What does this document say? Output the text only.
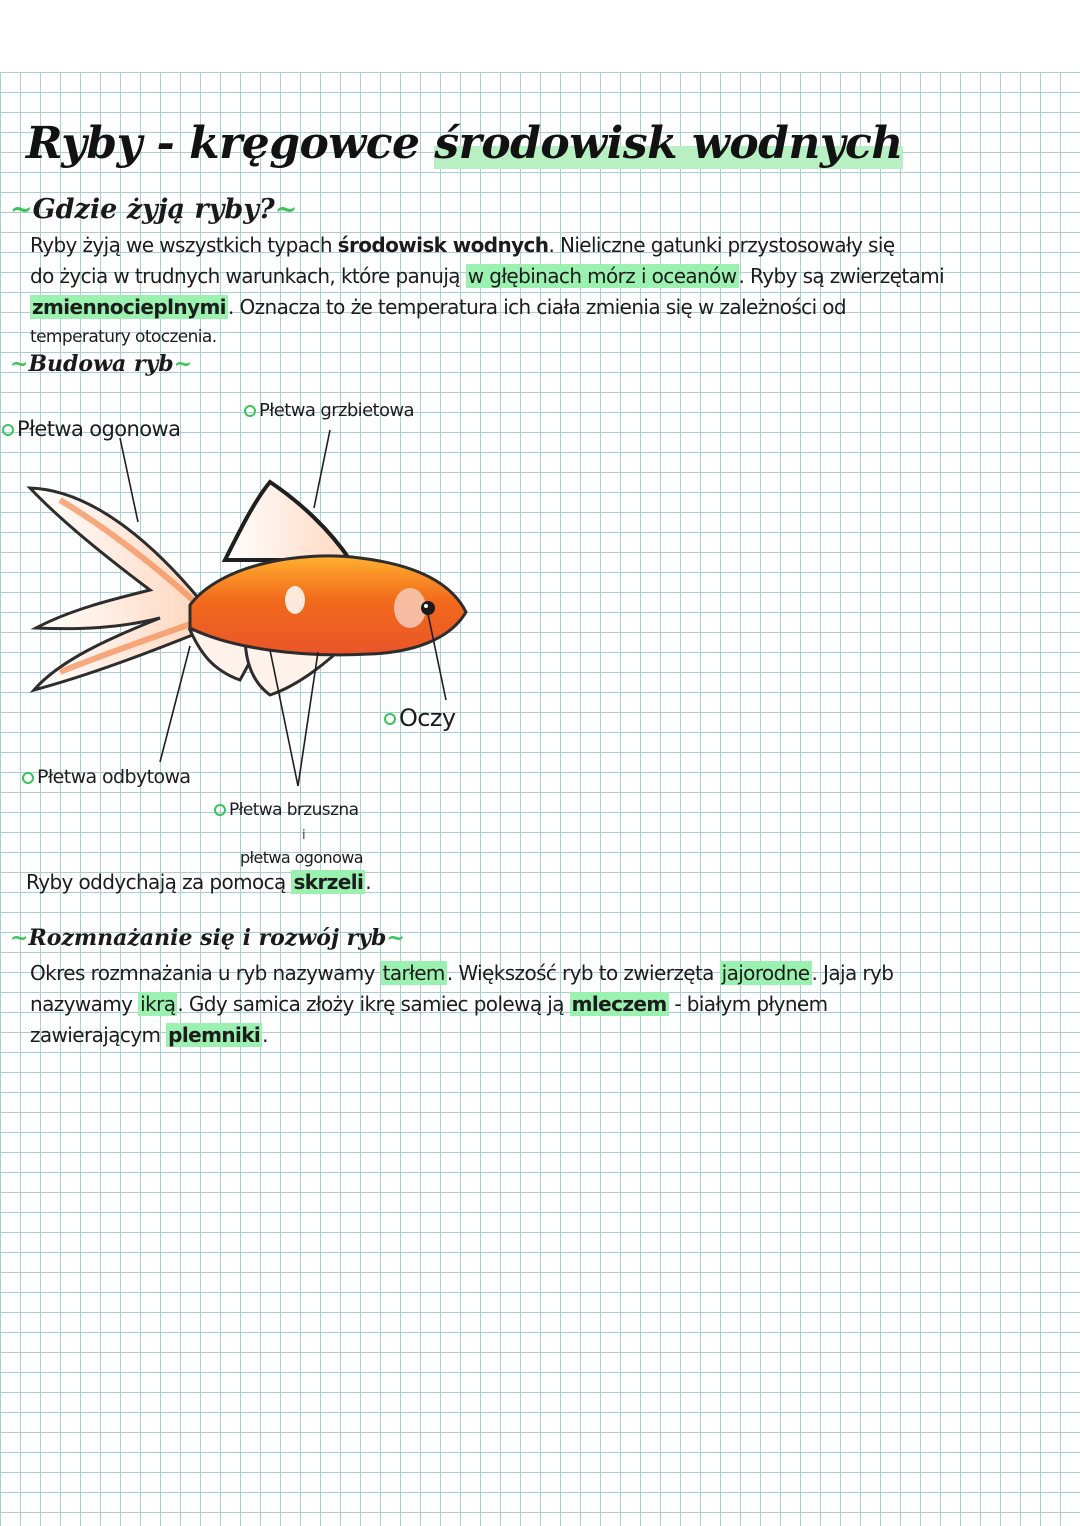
Ryby - kręgowce środowisk wodnych
~Gdzie żyją ryby?~
Ryby żyją we wszystkich typach środowisk wodnych. Nieliczne gatunki przystosowały się
do życia w trudnych warunkach, które panują w głębinach mórz i oceanów . Ryby są zwierzętami
zmiennocieplnymi . Oznacza to że temperatura ich ciała zmienia się w zależności od
temperatury otoczenia.
~Budowa ryb~
Płetwa ogonowa
Płetwa grzbietowa
Oczy
Płetwa odbytowa
Płetwa brzuszna
i
płetwa ogonowa

Ryby oddychają za pomocą skrzeli .

~Rozmnażanie się i rozwój ryb~
Okres rozmnażania u ryb nazywamy tarłem . Większość ryb to zwierzęta jajorodne . Jaja ryb
nazywamy ikrą . Gdy samica złoży ikrę samiec polewą ją mleczem - białym płynem
zawierającym plemniki .
